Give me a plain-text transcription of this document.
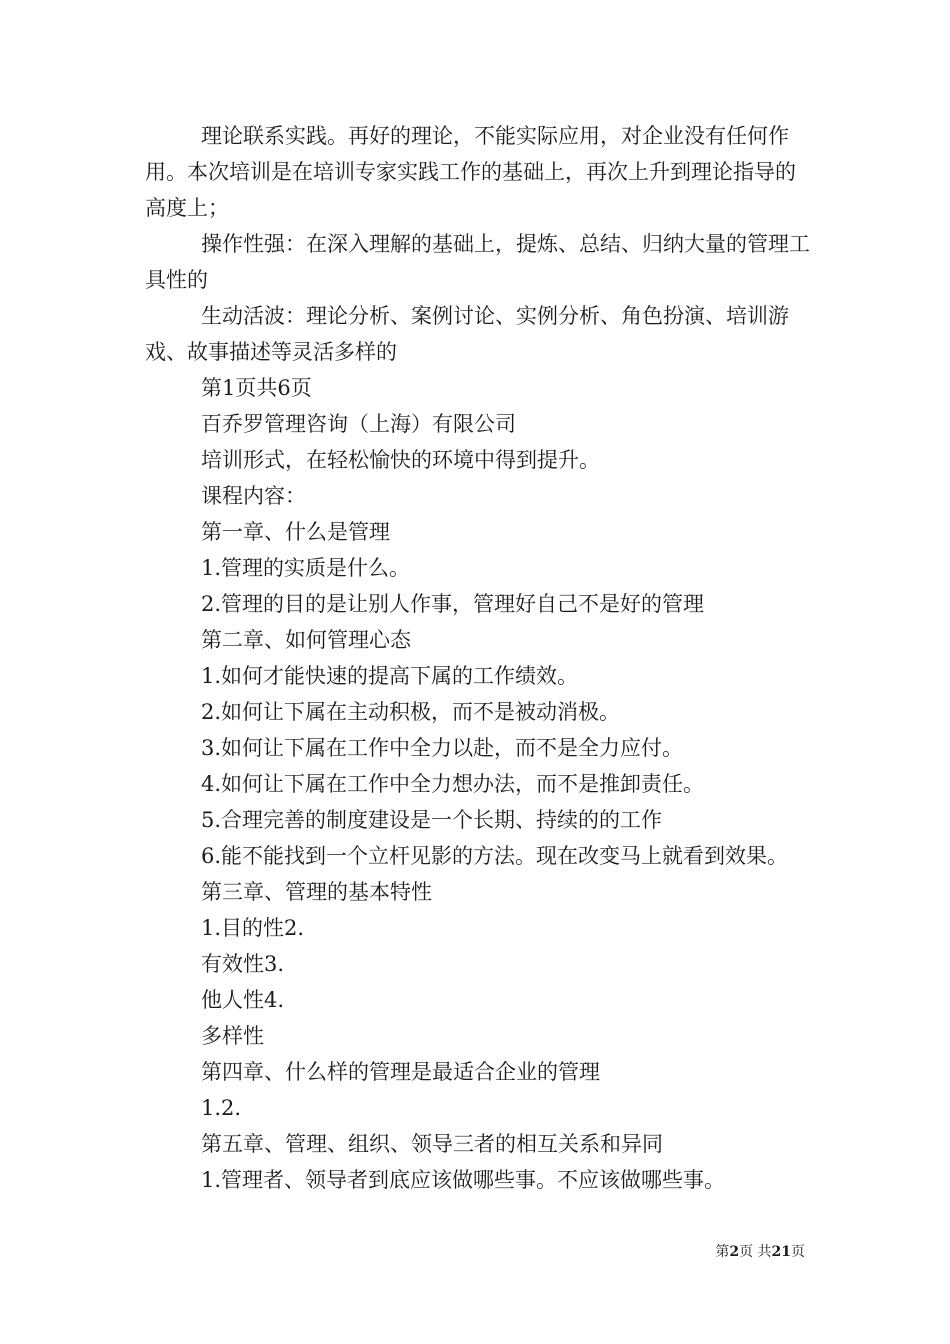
理论联系实践。再好的理论，不能实际应用，对企业没有任何作用。本次培训是在培训专家实践工作的基础上，再次上升到理论指导的高度上；

操作性强：在深入理解的基础上，提炼、总结、归纳大量的管理工具性的

生动活波：理论分析、案例讨论、实例分析、角色扮演、培训游戏、故事描述等灵活多样的

第1页共6页

百乔罗管理咨询（上海）有限公司

培训形式，在轻松愉快的环境中得到提升。

课程内容：

第一章、什么是管理

1.管理的实质是什么。

2.管理的目的是让别人作事，管理好自己不是好的管理

第二章、如何管理心态

1.如何才能快速的提高下属的工作绩效。

2.如何让下属在主动积极，而不是被动消极。

3.如何让下属在工作中全力以赴，而不是全力应付。

4.如何让下属在工作中全力想办法，而不是推卸责任。

5.合理完善的制度建设是一个长期、持续的的工作

6.能不能找到一个立杆见影的方法。现在改变马上就看到效果。

第三章、管理的基本特性

1.目的性2.

有效性3.

他人性4.

多样性

第四章、什么样的管理是最适合企业的管理

1.2.

第五章、管理、组织、领导三者的相互关系和异同

1.管理者、领导者到底应该做哪些事。不应该做哪些事。

第2页 共21页
